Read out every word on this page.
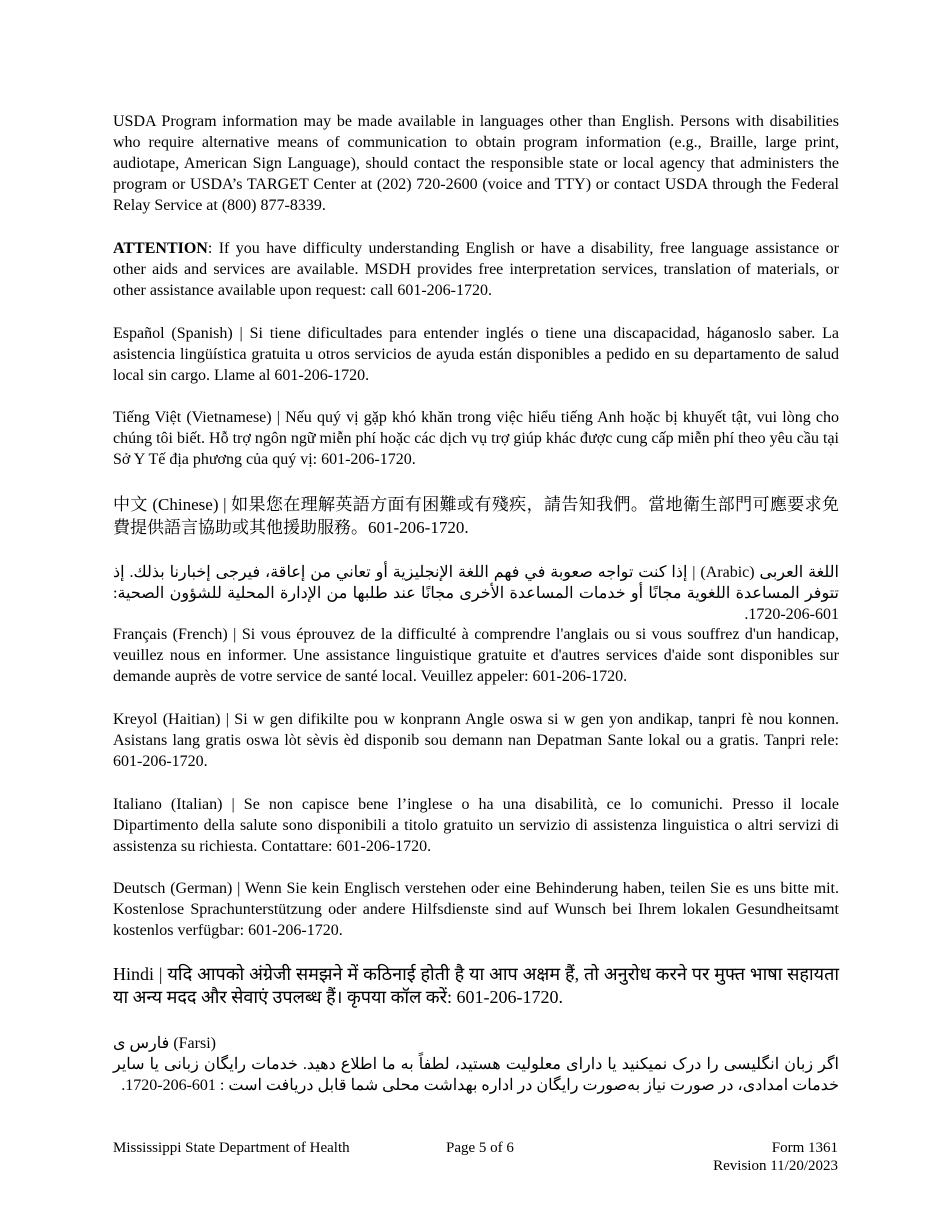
USDA Program information may be made available in languages other than English. Persons with disabilities who require alternative means of communication to obtain program information (e.g., Braille, large print, audiotape, American Sign Language), should contact the responsible state or local agency that administers the program or USDA’s TARGET Center at (202) 720-2600 (voice and TTY) or contact USDA through the Federal Relay Service at (800) 877-8339.

ATTENTION: If you have difficulty understanding English or have a disability, free language assistance or other aids and services are available. MSDH provides free interpretation services, translation of materials, or other assistance available upon request: call 601-206-1720.

Español (Spanish) | Si tiene dificultades para entender inglés o tiene una discapacidad, háganoslo saber. La asistencia lingüística gratuita u otros servicios de ayuda están disponibles a pedido en su departamento de salud local sin cargo. Llame al 601-206-1720.

Tiếng Việt (Vietnamese) | Nếu quý vị gặp khó khăn trong việc hiểu tiếng Anh hoặc bị khuyết tật, vui lòng cho chúng tôi biết. Hỗ trợ ngôn ngữ miễn phí hoặc các dịch vụ trợ giúp khác được cung cấp miễn phí theo yêu cầu tại Sở Y Tế địa phương của quý vị: 601-206-1720.

中文 (Chinese) | 如果您在理解英語方面有困難或有殘疾，請告知我們。當地衛生部門可應要求免費提供語言協助或其他援助服務。601-206-1720.

اللغة العربى (Arabic) | إذا كنت تواجه صعوبة في فهم اللغة الإنجليزية أو تعاني من إعاقة، فيرجى إخبارنا بذلك. إذ تتوفر المساعدة اللغوية مجانًا أو خدمات المساعدة الأخرى مجانًا عند طلبها من الإدارة المحلية للشؤون الصحية: 601-206-1720.

Français (French) | Si vous éprouvez de la difficulté à comprendre l'anglais ou si vous souffrez d'un handicap, veuillez nous en informer. Une assistance linguistique gratuite et d'autres services d'aide sont disponibles sur demande auprès de votre service de santé local. Veuillez appeler: 601-206-1720.

Kreyol (Haitian) | Si w gen difikilte pou w konprann Angle oswa si w gen yon andikap, tanpri fè nou konnen. Asistans lang gratis oswa lòt sèvis èd disponib sou demann nan Depatman Sante lokal ou a gratis. Tanpri rele: 601-206-1720.

Italiano (Italian) | Se non capisce bene l’inglese o ha una disabilità, ce lo comunichi. Presso il locale Dipartimento della salute sono disponibili a titolo gratuito un servizio di assistenza linguistica o altri servizi di assistenza su richiesta. Contattare: 601-206-1720.

Deutsch (German) | Wenn Sie kein Englisch verstehen oder eine Behinderung haben, teilen Sie es uns bitte mit. Kostenlose Sprachunterstützung oder andere Hilfsdienste sind auf Wunsch bei Ihrem lokalen Gesundheitsamt kostenlos verfügbar: 601-206-1720.

Hindi | यदि आपको अंग्रेजी समझने में कठिनाई होती है या आप अक्षम हैं, तो अनुरोध करने पर मुफ्त भाषा सहायता या अन्य मदद और सेवाएं उपलब्ध हैं। कृपया कॉल करें: 601-206-1720.

فارس ی (Farsi)

اگر زبان انگلیسی را درک نمیکنید یا دارای معلولیت هستید، لطفاً به ما اطلاع دهید. خدمات رایگان زبانی یا سایر خدمات امدادی، در صورت نیاز به‌صورت رایگان در اداره بهداشت محلی شما قابل دریافت است : 601-206-1720.

Mississippi State Department of Health	Page 5 of 6	Form 1361
Revision 11/20/2023
